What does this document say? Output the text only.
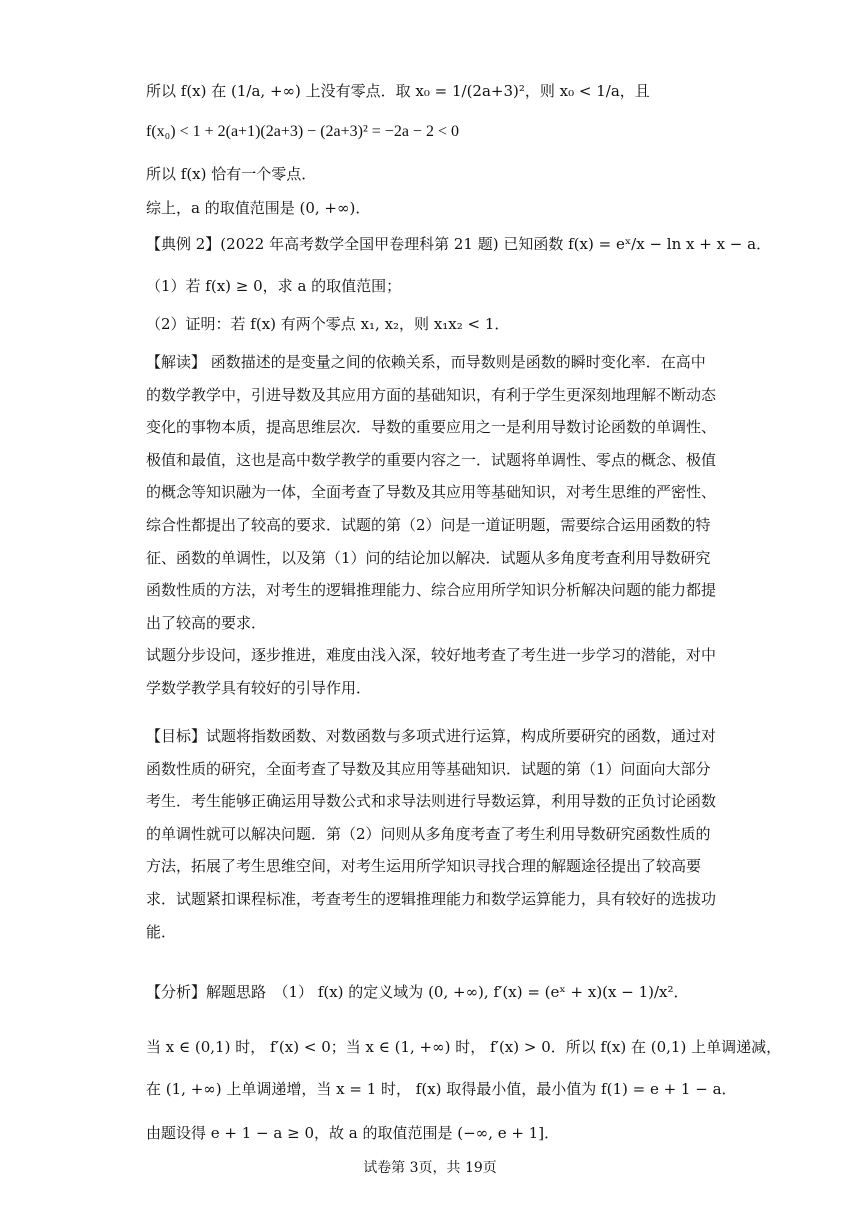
所以 f(x) 在 (1/a, +∞) 上没有零点．取 x₀ = 1/(2a+3)²，则 x₀ < 1/a，且
f(x₀) < 1 + 2(a+1)(2a+3) − (2a+3)² = −2a − 2 < 0
所以 f(x) 恰有一个零点．
综上，a 的取值范围是 (0, +∞)．
【典例 2】(2022 年高考数学全国甲卷理科第 21 题) 已知函数 f(x) = eˣ/x − ln x + x − a．
（1）若 f(x) ≥ 0，求 a 的取值范围；
（2）证明：若 f(x) 有两个零点 x₁, x₂，则 x₁x₂ < 1．

【解读】 函数描述的是变量之间的依赖关系，而导数则是函数的瞬时变化率．在高中

的数学教学中，引进导数及其应用方面的基础知识，有利于学生更深刻地理解不断动态

变化的事物本质，提高思维层次．导数的重要应用之一是利用导数讨论函数的单调性、

极值和最值，这也是高中数学教学的重要内容之一．试题将单调性、零点的概念、极值

的概念等知识融为一体，全面考查了导数及其应用等基础知识，对考生思维的严密性、

综合性都提出了较高的要求．试题的第（2）问是一道证明题，需要综合运用函数的特

征、函数的单调性，以及第（1）问的结论加以解决．试题从多角度考查利用导数研究

函数性质的方法，对考生的逻辑推理能力、综合应用所学知识分析解决问题的能力都提

出了较高的要求．

试题分步设问，逐步推进，难度由浅入深，较好地考查了考生进一步学习的潜能，对中

学数学教学具有较好的引导作用．

【目标】试题将指数函数、对数函数与多项式进行运算，构成所要研究的函数，通过对

函数性质的研究，全面考查了导数及其应用等基础知识．试题的第（1）问面向大部分

考生．考生能够正确运用导数公式和求导法则进行导数运算，利用导数的正负讨论函数

的单调性就可以解决问题．第（2）问则从多角度考查了考生利用导数研究函数性质的

方法，拓展了考生思维空间，对考生运用所学知识寻找合理的解题途径提出了较高要

求．试题紧扣课程标准，考查考生的逻辑推理能力和数学运算能力，具有较好的选拔功

能．

【分析】解题思路　（1） f(x) 的定义域为 (0, +∞), f′(x) = (eˣ + x)(x − 1)/x²．
当 x ∈ (0,1) 时， f′(x) < 0；当 x ∈ (1, +∞) 时， f′(x) > 0．所以 f(x) 在 (0,1) 上单调递减，
在 (1, +∞) 上单调递增，当 x = 1 时， f(x) 取得最小值，最小值为 f(1) = e + 1 − a．
由题设得 e + 1 − a ≥ 0，故 a 的取值范围是 (−∞, e + 1]．
试卷第 3页，共 19页
